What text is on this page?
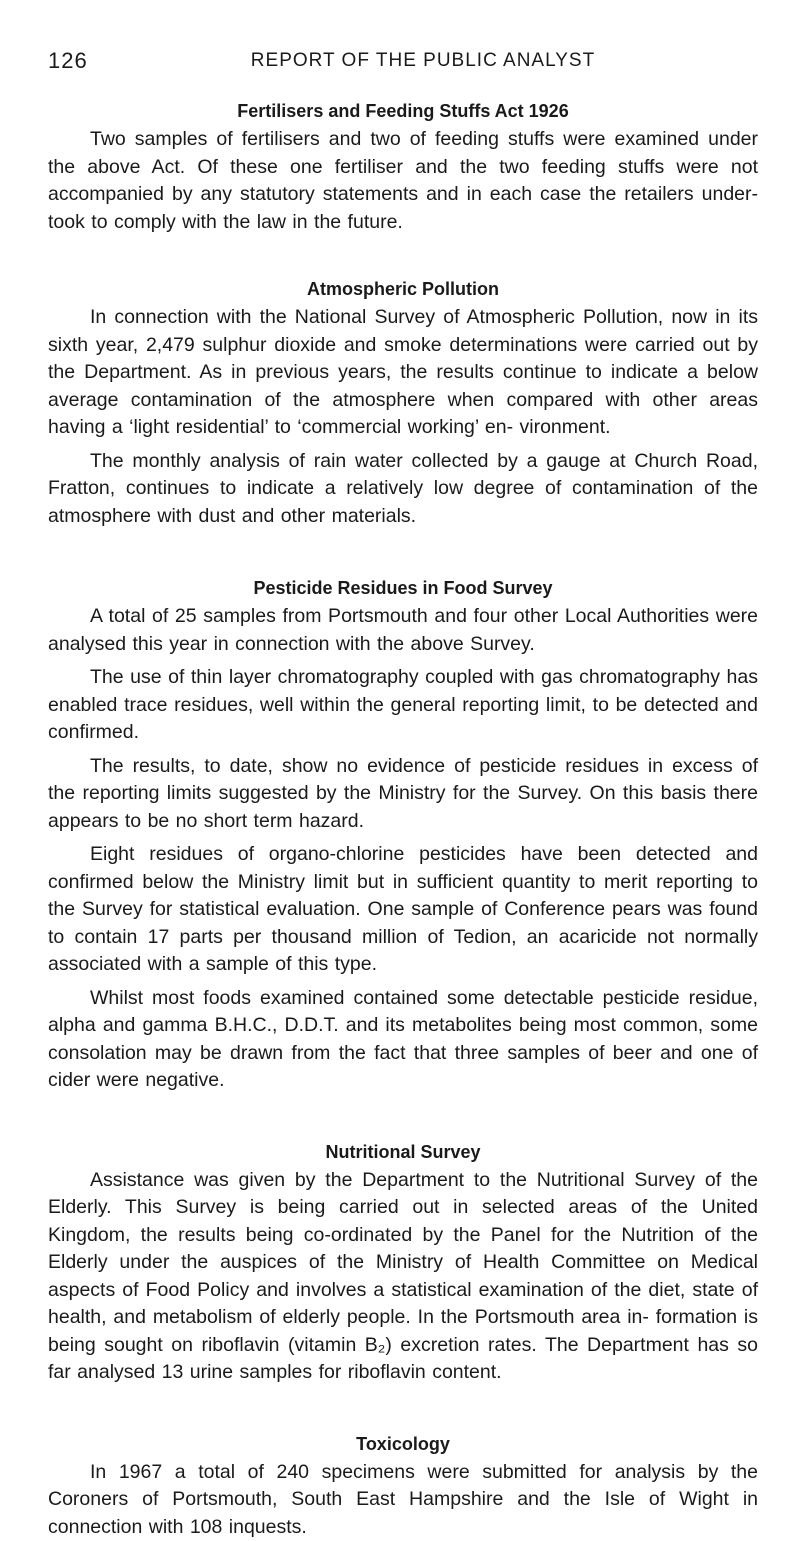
126	REPORT OF THE PUBLIC ANALYST
Fertilisers and Feeding Stuffs Act 1926

Two samples of fertilisers and two of feeding stuffs were examined under the above Act. Of these one fertiliser and the two feeding stuffs were not accompanied by any statutory statements and in each case the retailers under- took to comply with the law in the future.

Atmospheric Pollution

In connection with the National Survey of Atmospheric Pollution, now in its sixth year, 2,479 sulphur dioxide and smoke determinations were carried out by the Department. As in previous years, the results continue to indicate a below average contamination of the atmosphere when compared with other areas having a ‘light residential’ to ‘commercial working’ en- vironment.

The monthly analysis of rain water collected by a gauge at Church Road, Fratton, continues to indicate a relatively low degree of contamination of the atmosphere with dust and other materials.

Pesticide Residues in Food Survey

A total of 25 samples from Portsmouth and four other Local Authorities were analysed this year in connection with the above Survey.

The use of thin layer chromatography coupled with gas chromatography has enabled trace residues, well within the general reporting limit, to be detected and confirmed.

The results, to date, show no evidence of pesticide residues in excess of the reporting limits suggested by the Ministry for the Survey. On this basis there appears to be no short term hazard.

Eight residues of organo-chlorine pesticides have been detected and confirmed below the Ministry limit but in sufficient quantity to merit reporting to the Survey for statistical evaluation. One sample of Conference pears was found to contain 17 parts per thousand million of Tedion, an acaricide not normally associated with a sample of this type.

Whilst most foods examined contained some detectable pesticide residue, alpha and gamma B.H.C., D.D.T. and its metabolites being most common, some consolation may be drawn from the fact that three samples of beer and one of cider were negative.

Nutritional Survey

Assistance was given by the Department to the Nutritional Survey of the Elderly. This Survey is being carried out in selected areas of the United Kingdom, the results being co-ordinated by the Panel for the Nutrition of the Elderly under the auspices of the Ministry of Health Committee on Medical aspects of Food Policy and involves a statistical examination of the diet, state of health, and metabolism of elderly people. In the Portsmouth area in- formation is being sought on riboflavin (vitamin B₂) excretion rates. The Department has so far analysed 13 urine samples for riboflavin content.

Toxicology

In 1967 a total of 240 specimens were submitted for analysis by the Coroners of Portsmouth, South East Hampshire and the Isle of Wight in connection with 108 inquests.
